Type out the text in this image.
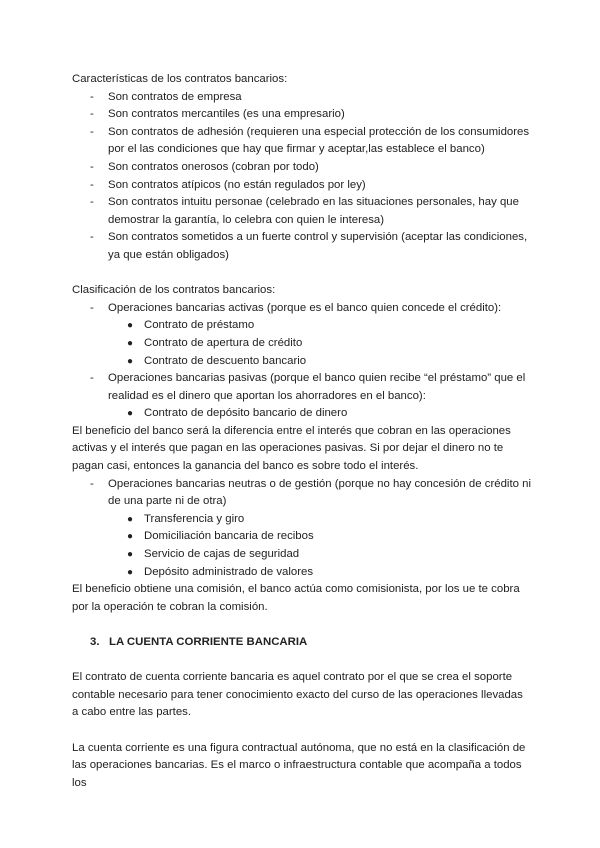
Características de los contratos bancarios:

- Son contratos de empresa
- Son contratos mercantiles (es una empresario)
- Son contratos de adhesión (requieren una especial protección de los consumidores por el las condiciones que hay que firmar y aceptar,las establece el banco)
- Son contratos onerosos (cobran por todo)
- Son contratos atípicos (no están regulados por ley)
- Son contratos intuitu personae (celebrado en las situaciones personales, hay que demostrar la garantía, lo celebra con quien le interesa)
- Son contratos sometidos a un fuerte control y supervisión (aceptar las condiciones, ya que están obligados)

Clasificación de los contratos bancarios:

- Operaciones bancarias activas (porque es el banco quien concede el crédito):
● Contrato de préstamo
● Contrato de apertura de crédito
● Contrato de descuento bancario
- Operaciones bancarias pasivas (porque el banco quien recibe “el préstamo” que el realidad es el dinero que aportan los ahorradores en el banco):
● Contrato de depósito bancario de dinero

El beneficio del banco será la diferencia entre el interés que cobran en las operaciones activas y el interés que pagan en las operaciones pasivas. Si por dejar el dinero no te pagan casi, entonces la ganancia del banco es sobre todo el interés.

- Operaciones bancarias neutras o de gestión (porque no hay concesión de crédito ni de una parte ni de otra)
● Transferencia y giro
● Domiciliación bancaria de recibos
● Servicio de cajas de seguridad
● Depósito administrado de valores

El beneficio obtiene una comisión, el banco actúa como comisionista, por los ue te cobra por la operación te cobran la comisión.

3. LA CUENTA CORRIENTE BANCARIA

El contrato de cuenta corriente bancaria es aquel contrato por el que se crea el soporte contable necesario para tener conocimiento exacto del curso de las operaciones llevadas a cabo entre las partes.

La cuenta corriente es una figura contractual autónoma, que no está en la clasificación de las operaciones bancarias. Es el marco o infraestructura contable que acompaña a todos los
